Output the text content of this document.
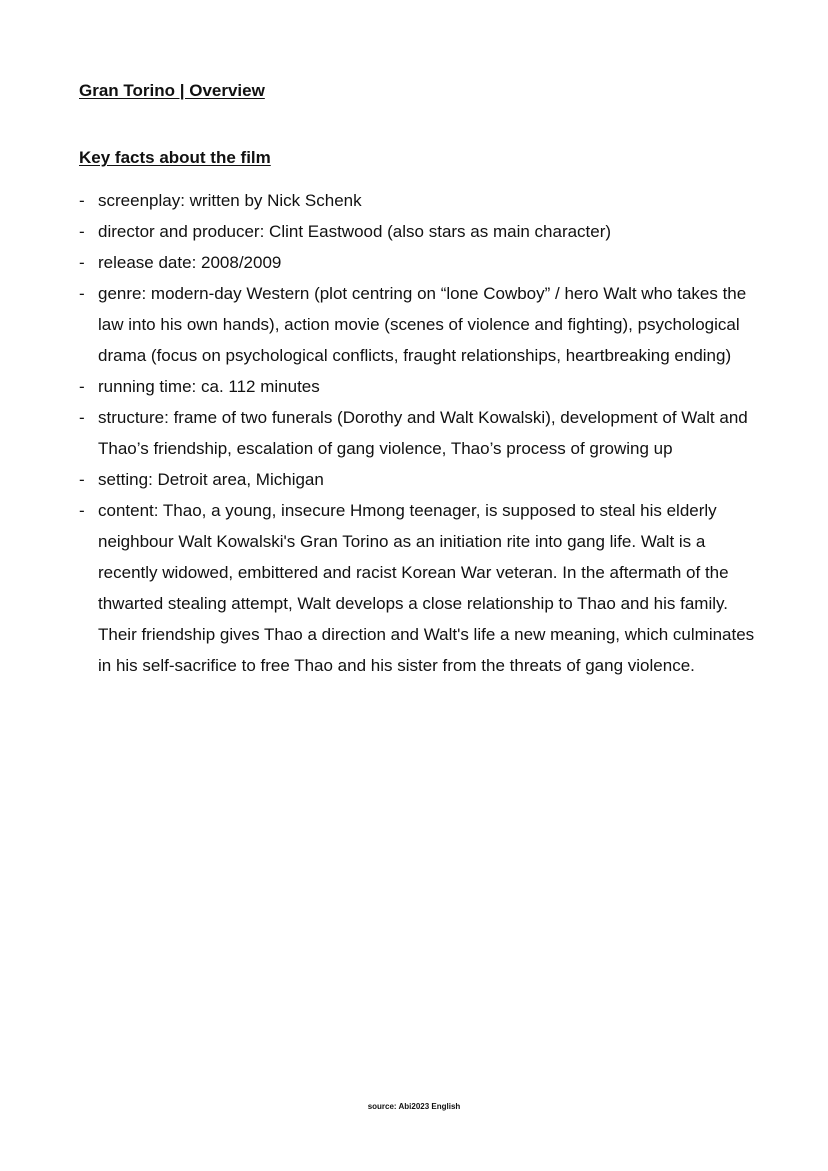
Gran Torino | Overview
Key facts about the film
- screenplay: written by Nick Schenk
- director and producer: Clint Eastwood (also stars as main character)
- release date: 2008/2009
- genre: modern-day Western (plot centring on “lone Cowboy” / hero Walt who takes the law into his own hands), action movie (scenes of violence and fighting), psychological drama (focus on psychological conflicts, fraught relationships, heartbreaking ending)
- running time: ca. 112 minutes
- structure: frame of two funerals (Dorothy and Walt Kowalski), development of Walt and Thao’s friendship, escalation of gang violence, Thao’s process of growing up
- setting: Detroit area, Michigan
- content: Thao, a young, insecure Hmong teenager, is supposed to steal his elderly neighbour Walt Kowalski's Gran Torino as an initiation rite into gang life. Walt is a recently widowed, embittered and racist Korean War veteran. In the aftermath of the thwarted stealing attempt, Walt develops a close relationship to Thao and his family. Their friendship gives Thao a direction and Walt's life a new meaning, which culminates in his self-sacrifice to free Thao and his sister from the threats of gang violence.

source: Abi2023 English
